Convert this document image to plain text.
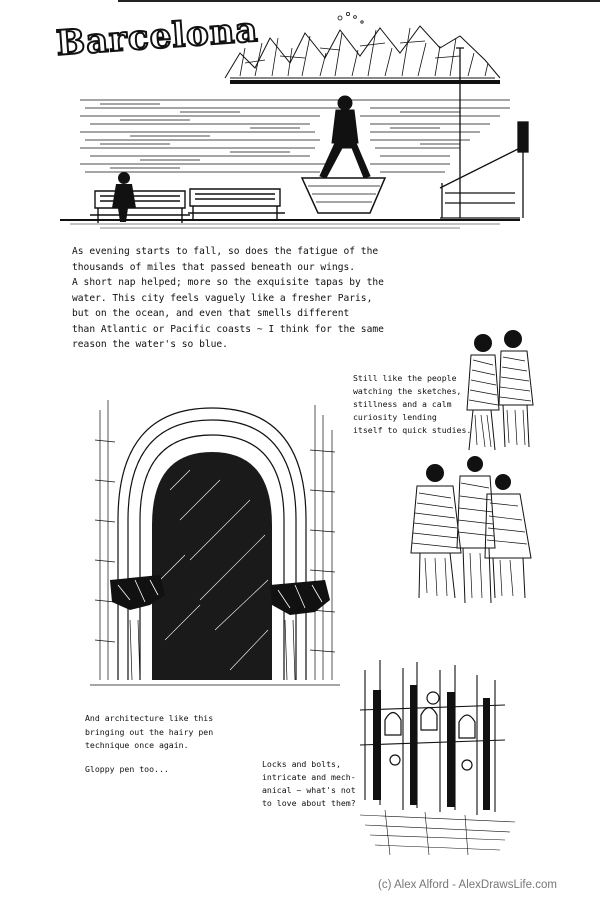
Barcelona
As evening starts to fall, so does the fatigue of the
thousands of miles that passed beneath our wings.
A short nap helped; more so the exquisite tapas by the
water. This city feels vaguely like a fresher Paris,
but on the ocean, and even that smells different
than Atlantic or Pacific coasts ~ I think for the same
reason the water's so blue.
Still like the people
watching the sketches,
stillness and a calm
curiosity lending
itself to quick studies.
And architecture like this
bringing out the hairy pen
technique once again.
Gloppy pen too...	Locks and bolts,
intricate and mech-
anical ~ what's not
to love about them?
(c) Alex Alford - AlexDrawsLife.com
